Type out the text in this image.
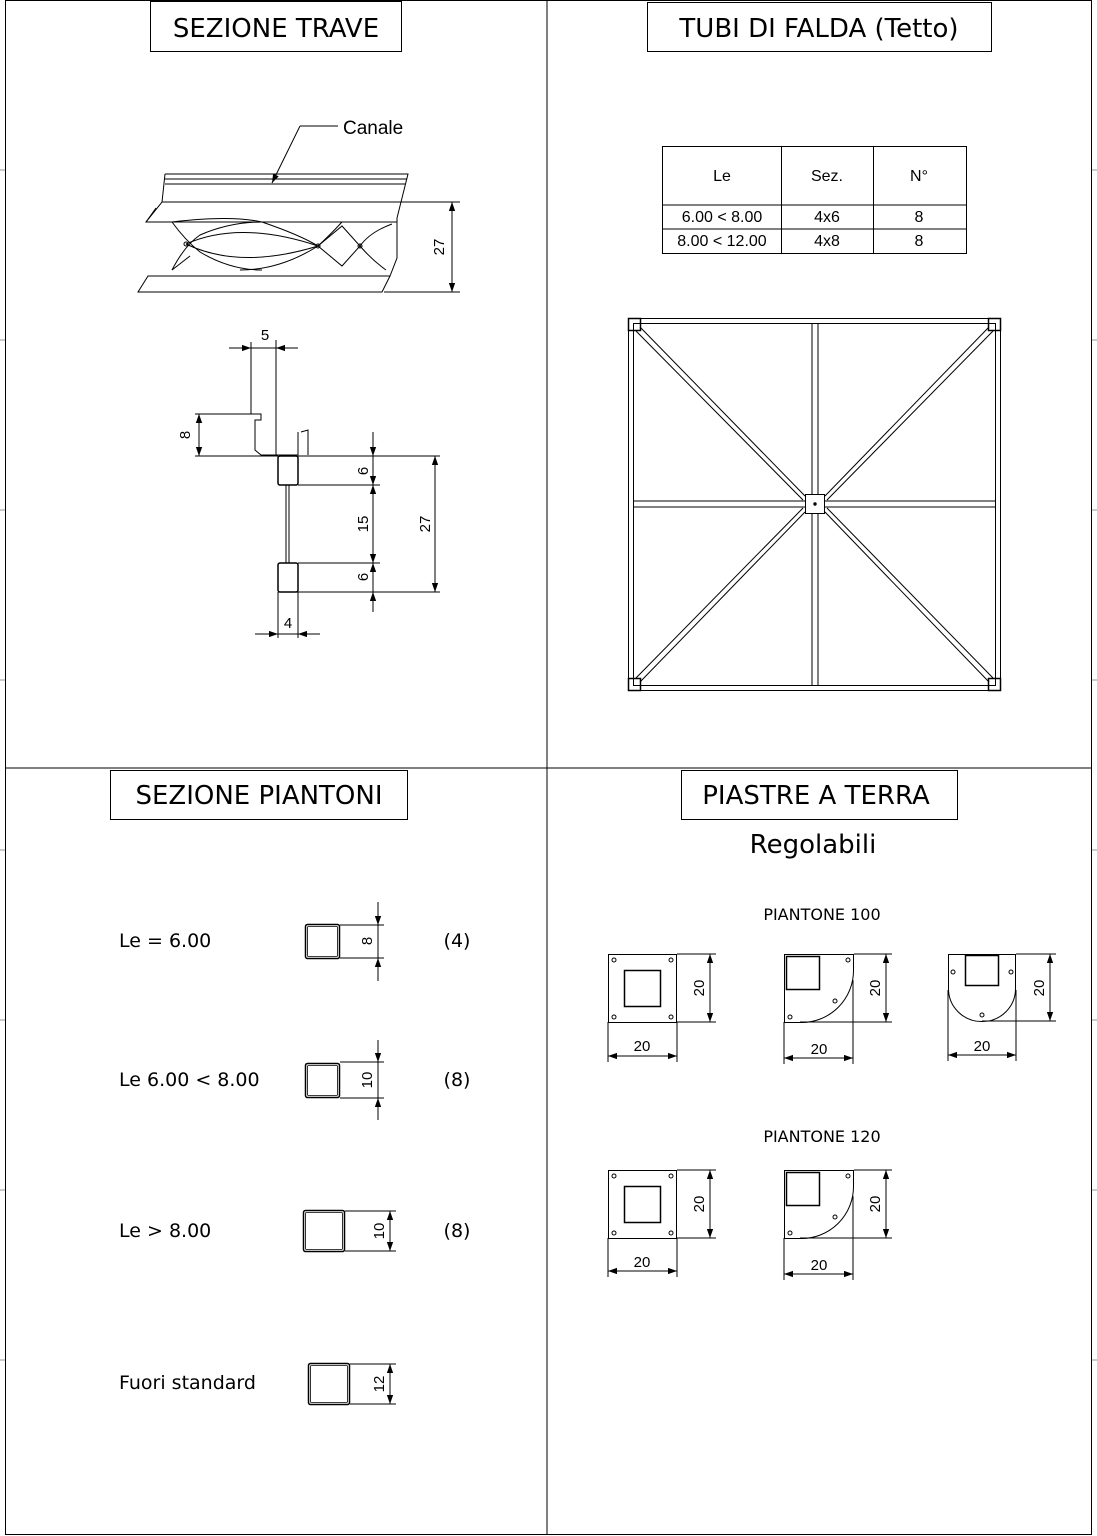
SEZIONE TRAVE
Canale
27
5
8
6
15
6
27
4
TUBI DI FALDA (Tetto)
Le	Sez.	N°
6.00 < 8.00	4x6	8
8.00 < 12.00	4x8	8
SEZIONE PIANTONI
Le = 6.00	8	(4)
Le 6.00 < 8.00	10	(8)
Le > 8.00	10	(8)
Fuori standard	12
PIASTRE A TERRA
Regolabili
PIANTONE 100
20
20
20
20
20
20
PIANTONE 120
20
20
20
20
